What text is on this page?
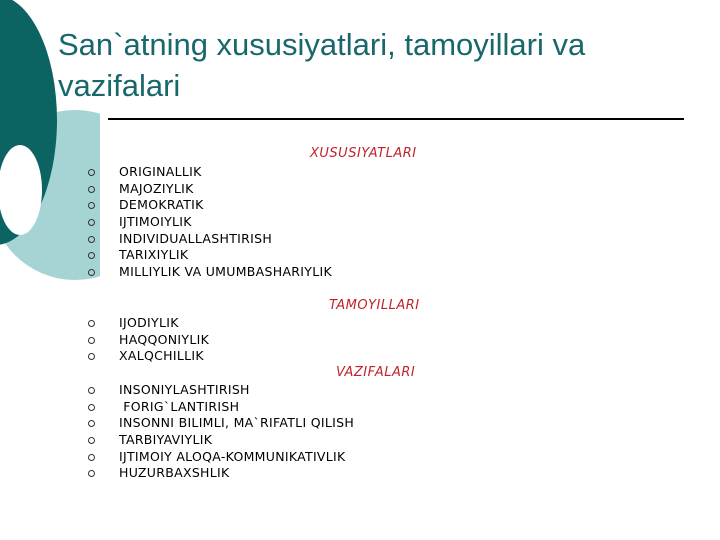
San`atning xususiyatlari, tamoyillari va vazifalari
XUSUSIYATLARI
ORIGINALLIK
MAJOZIYLIK
DEMOKRATIK
IJTIMOIYLIK
INDIVIDUALLASHTIRISH
TARIXIYLIK
MILLIYLIK VA UMUMBASHARIYLIK
TAMOYILLARI
IJODIYLIK
HAQQONIYLIK
XALQCHILLIK
VAZIFALARI
INSONIYLASHTIRISH
FORIG`LANTIRISH
INSONNI BILIMLI, MA`RIFATLI QILISH
TARBIYAVIYLIK
IJTIMOIY ALOQA-KOMMUNIKATIVLIK
HUZURBAXSHLIK
